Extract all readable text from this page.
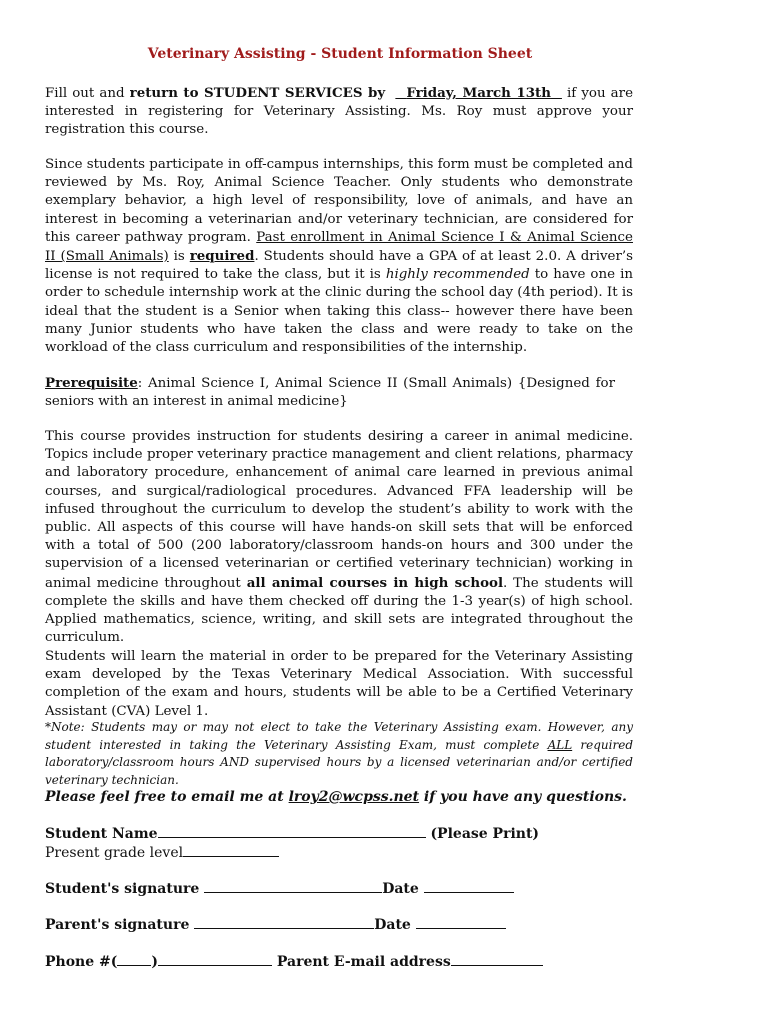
Veterinary Assisting - Student Information Sheet

Fill out and return to STUDENT SERVICES by Friday, March 13th   if you are interested in registering for Veterinary Assisting. Ms. Roy must approve your registration this course.

Since students participate in off-campus internships, this form must be completed and reviewed by Ms. Roy, Animal Science Teacher. Only students who demonstrate exemplary behavior, a high level of responsibility, love of animals, and have an interest in becoming a veterinarian and/or veterinary technician, are considered for this career pathway program. Past enrollment in Animal Science I & Animal Science II (Small Animals) is required. Students should have a GPA of at least 2.0. A driver’s license is not required to take the class, but it is highly recommended to have one in order to schedule internship work at the clinic during the school day (4th period). It is ideal that the student is a Senior when taking this class-- however there have been many Junior students who have taken the class and were ready to take on the workload of the class curriculum and responsibilities of the internship.

Prerequisite: Animal Science I, Animal Science II (Small Animals) {Designed for seniors with an interest in animal medicine}

This course provides instruction for students desiring a career in animal medicine. Topics include proper veterinary practice management and client relations, pharmacy and laboratory procedure, enhancement of animal care learned in previous animal courses, and surgical/radiological procedures. Advanced FFA leadership will be infused throughout the curriculum to develop the student’s ability to work with the public. All aspects of this course will have hands-on skill sets that will be enforced with a total of 500 (200 laboratory/classroom hands-on hours and 300 under the supervision of a licensed veterinarian or certified veterinary technician) working in animal medicine throughout all animal courses in high school. The students will complete the skills and have them checked off during the 1-3 year(s) of high school. Applied mathematics, science, writing, and skill sets are integrated throughout the curriculum.

Students will learn the material in order to be prepared for the Veterinary Assisting exam developed by the Texas Veterinary Medical Association. With successful completion of the exam and hours, students will be able to be a Certified Veterinary Assistant (CVA) Level 1.

*Note: Students may or may not elect to take the Veterinary Assisting exam. However, any student interested in taking the Veterinary Assisting Exam, must complete ALL required laboratory/classroom hours AND supervised hours by a licensed veterinarian and/or certified veterinary technician.

Please feel free to email me at lroy2@wcpss.net if you have any questions.

Student Name	(Please Print)
Present grade level
Student's signature	Date
Parent's signature	Date
Phone #( )	Parent E-mail address
